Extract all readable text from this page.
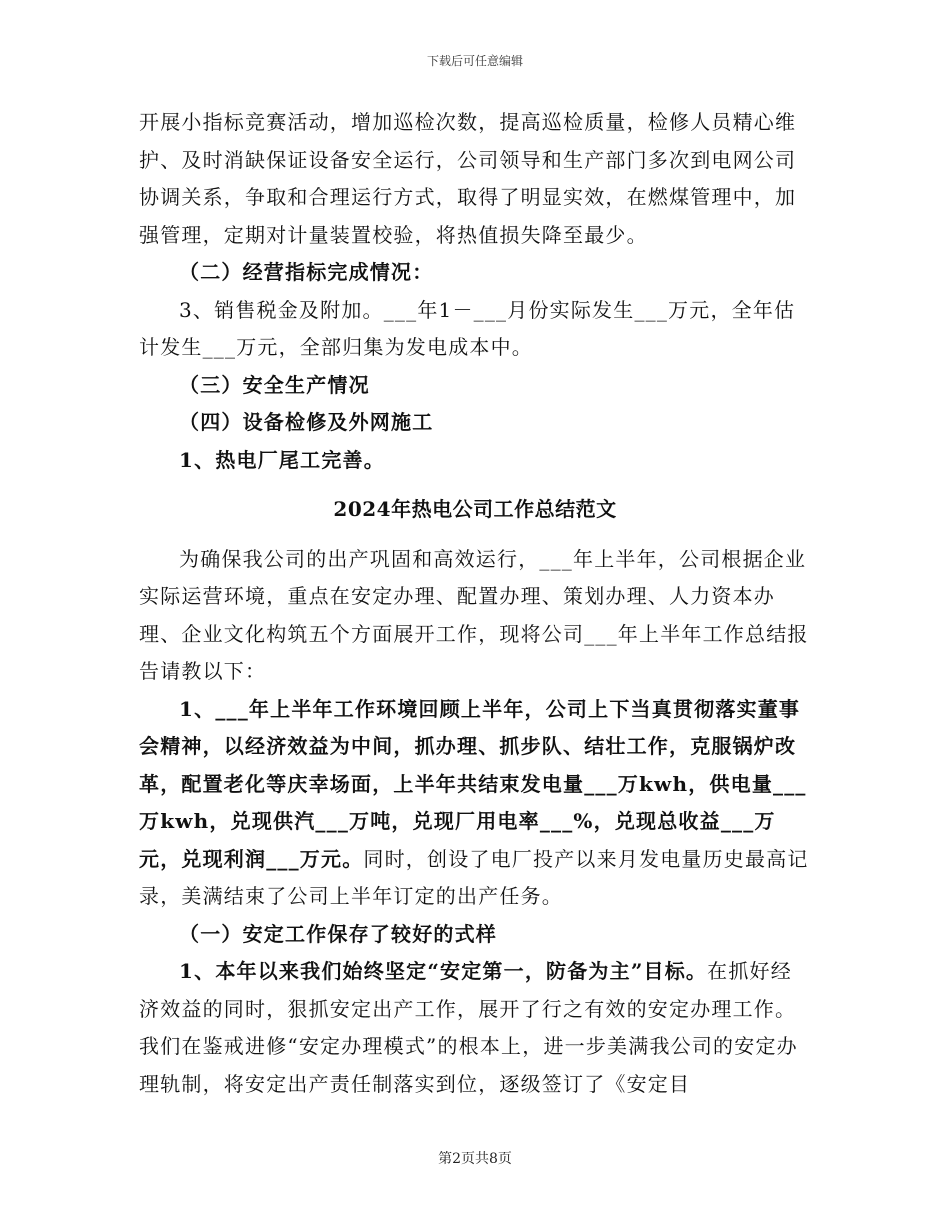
下载后可任意编辑

开展小指标竞赛活动，增加巡检次数，提高巡检质量，检修人员精心维护、及时消缺保证设备安全运行，公司领导和生产部门多次到电网公司协调关系，争取和合理运行方式，取得了明显实效，在燃煤管理中，加强管理，定期对计量装置校验，将热值损失降至最少。

（二）经营指标完成情况：

3、销售税金及附加。___年1－___月份实际发生___万元，全年估计发生___万元，全部归集为发电成本中。

（三）安全生产情况

（四）设备检修及外网施工

1、热电厂尾工完善。

2024年热电公司工作总结范文

为确保我公司的出产巩固和高效运行，___年上半年，公司根据企业实际运营环境，重点在安定办理、配置办理、策划办理、人力资本办理、企业文化构筑五个方面展开工作，现将公司___年上半年工作总结报告请教以下：

1、___年上半年工作环境回顾上半年，公司上下当真贯彻落实董事会精神，以经济效益为中间，抓办理、抓步队、结壮工作，克服锅炉改革，配置老化等庆幸场面，上半年共结束发电量___万kwh，供电量___万kwh，兑现供汽___万吨，兑现厂用电率___%，兑现总收益___万元，兑现利润___万元。同时，创设了电厂投产以来月发电量历史最高记录，美满结束了公司上半年订定的出产任务。

（一）安定工作保存了较好的式样

1、本年以来我们始终坚定“安定第一，防备为主”目标。在抓好经济效益的同时，狠抓安定出产工作，展开了行之有效的安定办理工作。我们在鉴戒进修“安定办理模式”的根本上，进一步美满我公司的安定办理轨制，将安定出产责任制落实到位，逐级签订了《安定目

第2页共8页
